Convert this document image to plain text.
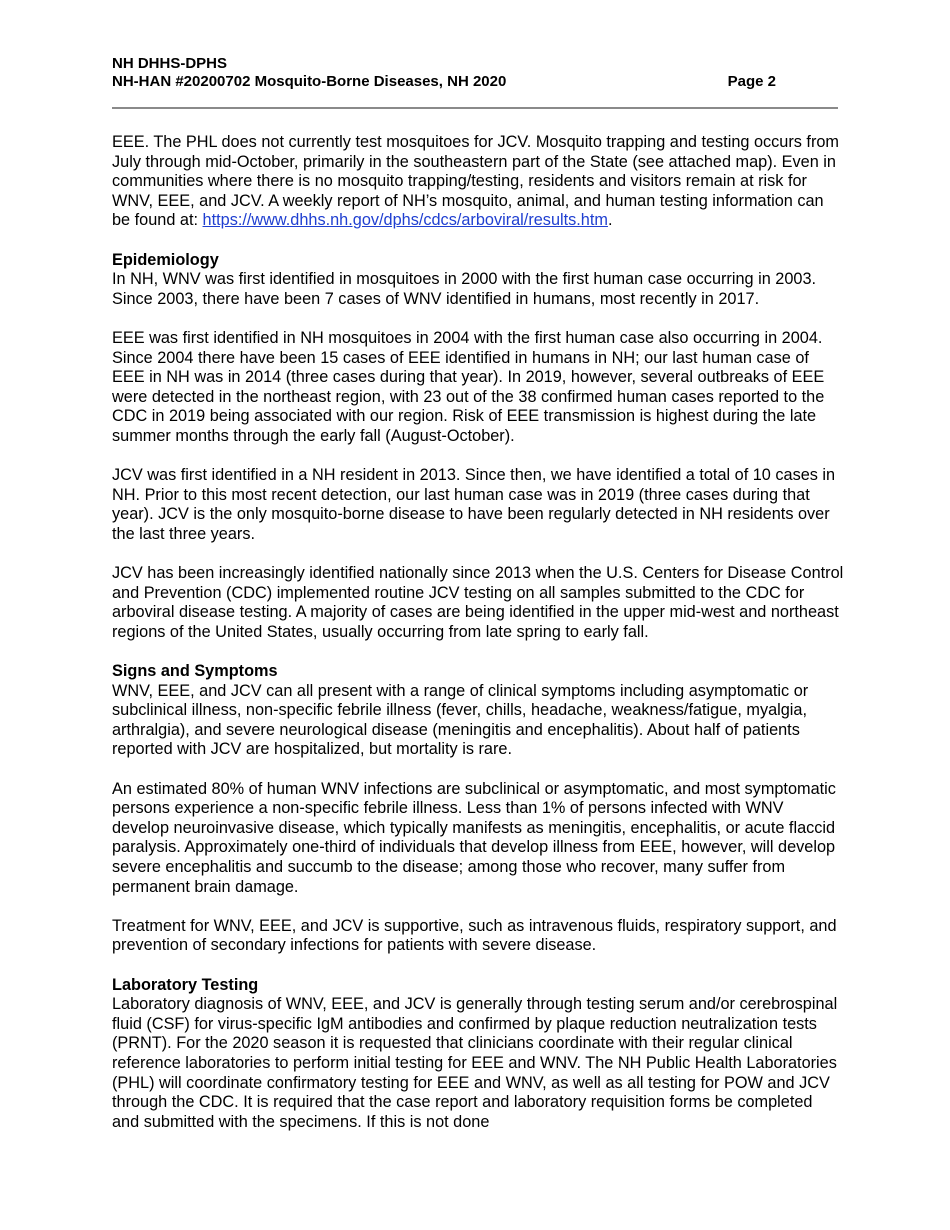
NH DHHS-DPHS
NH-HAN #20200702 Mosquito-Borne Diseases, NH 2020	Page 2

EEE. The PHL does not currently test mosquitoes for JCV. Mosquito trapping and testing occurs from July through mid-October, primarily in the southeastern part of the State (see attached map). Even in communities where there is no mosquito trapping/testing, residents and visitors remain at risk for WNV, EEE, and JCV. A weekly report of NH’s mosquito, animal, and human testing information can be found at: https://www.dhhs.nh.gov/dphs/cdcs/arboviral/results.htm.

Epidemiology

In NH, WNV was first identified in mosquitoes in 2000 with the first human case occurring in 2003. Since 2003, there have been 7 cases of WNV identified in humans, most recently in 2017.

EEE was first identified in NH mosquitoes in 2004 with the first human case also occurring in 2004. Since 2004 there have been 15 cases of EEE identified in humans in NH; our last human case of EEE in NH was in 2014 (three cases during that year). In 2019, however, several outbreaks of EEE were detected in the northeast region, with 23 out of the 38 confirmed human cases reported to the CDC in 2019 being associated with our region. Risk of EEE transmission is highest during the late summer months through the early fall (August-October).

JCV was first identified in a NH resident in 2013. Since then, we have identified a total of 10 cases in NH. Prior to this most recent detection, our last human case was in 2019 (three cases during that year). JCV is the only mosquito-borne disease to have been regularly detected in NH residents over the last three years.

JCV has been increasingly identified nationally since 2013 when the U.S. Centers for Disease Control and Prevention (CDC) implemented routine JCV testing on all samples submitted to the CDC for arboviral disease testing. A majority of cases are being identified in the upper mid-west and northeast regions of the United States, usually occurring from late spring to early fall.

Signs and Symptoms

WNV, EEE, and JCV can all present with a range of clinical symptoms including asymptomatic or subclinical illness, non-specific febrile illness (fever, chills, headache, weakness/fatigue, myalgia, arthralgia), and severe neurological disease (meningitis and encephalitis). About half of patients reported with JCV are hospitalized, but mortality is rare.

An estimated 80% of human WNV infections are subclinical or asymptomatic, and most symptomatic persons experience a non-specific febrile illness. Less than 1% of persons infected with WNV develop neuroinvasive disease, which typically manifests as meningitis, encephalitis, or acute flaccid paralysis. Approximately one-third of individuals that develop illness from EEE, however, will develop severe encephalitis and succumb to the disease; among those who recover, many suffer from permanent brain damage.

Treatment for WNV, EEE, and JCV is supportive, such as intravenous fluids, respiratory support, and prevention of secondary infections for patients with severe disease.

Laboratory Testing

Laboratory diagnosis of WNV, EEE, and JCV is generally through testing serum and/or cerebrospinal fluid (CSF) for virus-specific IgM antibodies and confirmed by plaque reduction neutralization tests (PRNT). For the 2020 season it is requested that clinicians coordinate with their regular clinical reference laboratories to perform initial testing for EEE and WNV. The NH Public Health Laboratories (PHL) will coordinate confirmatory testing for EEE and WNV, as well as all testing for POW and JCV through the CDC. It is required that the case report and laboratory requisition forms be completed and submitted with the specimens. If this is not done
